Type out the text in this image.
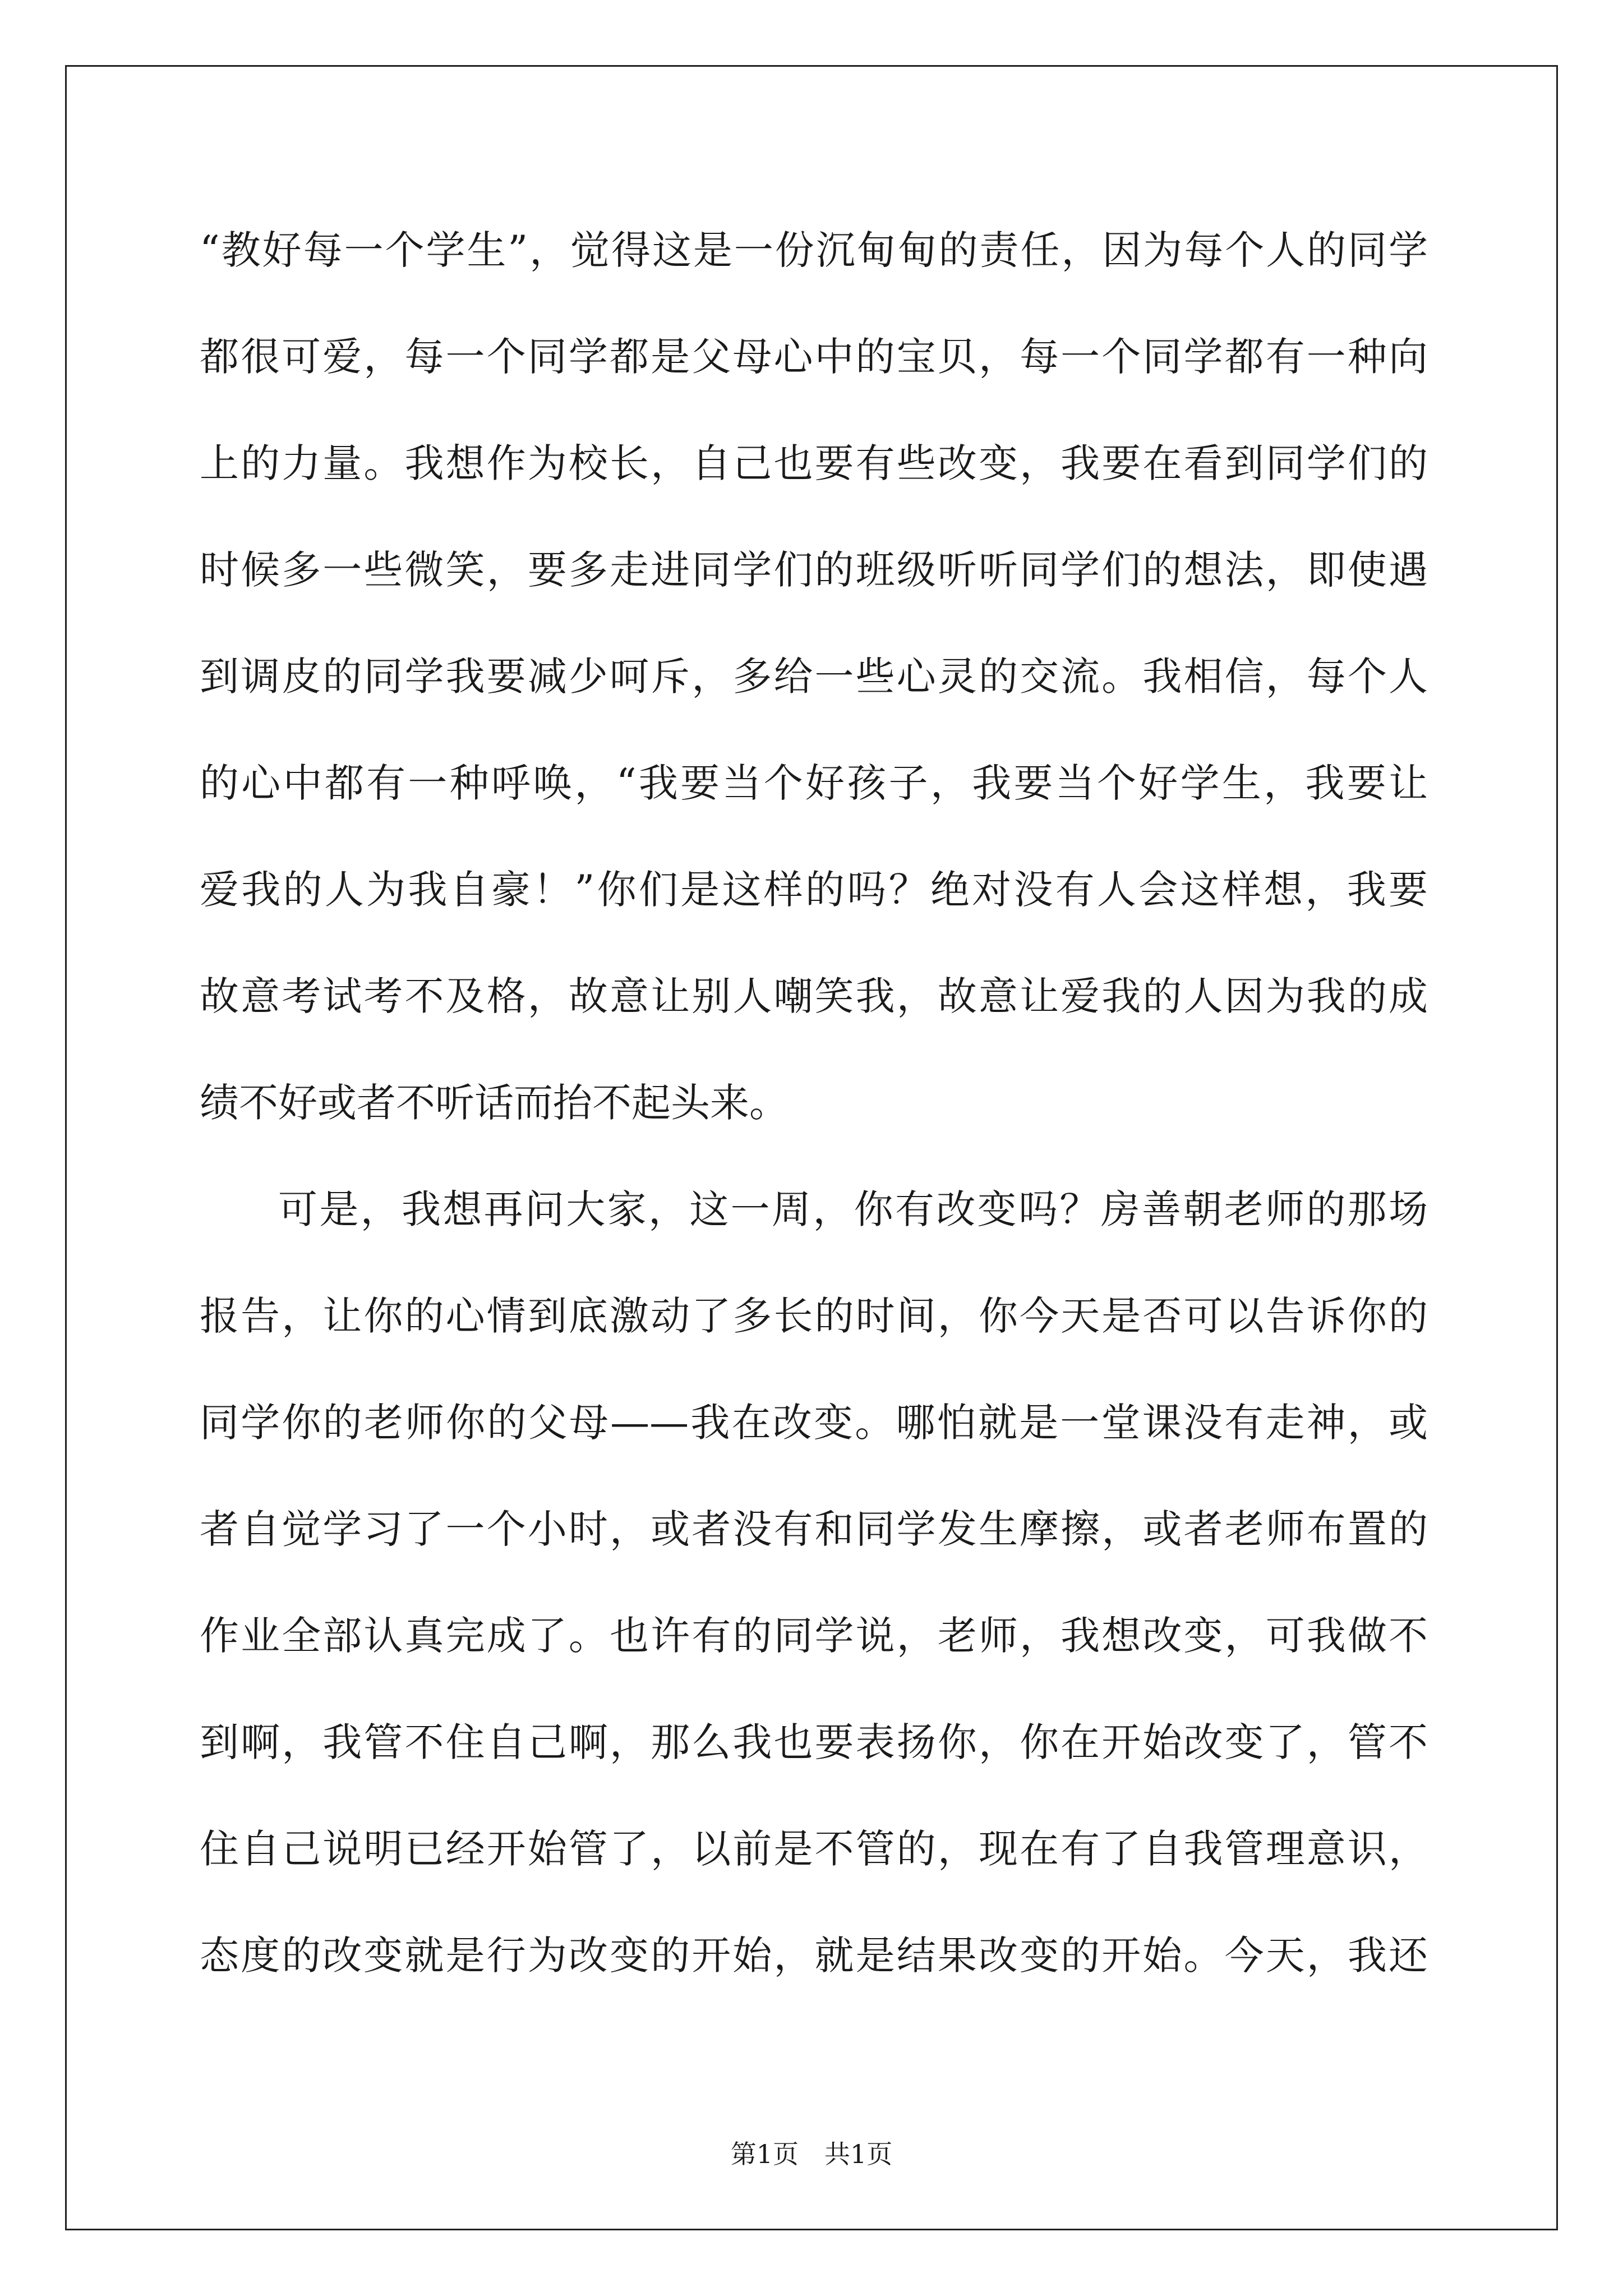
“教好每一个学生”，觉得这是一份沉甸甸的责任，因为每个人的同学
都很可爱，每一个同学都是父母心中的宝贝，每一个同学都有一种向
上的力量。我想作为校长，自己也要有些改变，我要在看到同学们的
时候多一些微笑，要多走进同学们的班级听听同学们的想法，即使遇
到调皮的同学我要减少呵斥，多给一些心灵的交流。我相信，每个人
的心中都有一种呼唤，“我要当个好孩子，我要当个好学生，我要让
爱我的人为我自豪！”你们是这样的吗？绝对没有人会这样想，我要
故意考试考不及格，故意让别人嘲笑我，故意让爱我的人因为我的成
绩不好或者不听话而抬不起头来。
可是，我想再问大家，这一周，你有改变吗？房善朝老师的那场
报告，让你的心情到底激动了多长的时间，你今天是否可以告诉你的
同学你的老师你的父母——我在改变。哪怕就是一堂课没有走神，或
者自觉学习了一个小时，或者没有和同学发生摩擦，或者老师布置的
作业全部认真完成了。也许有的同学说，老师，我想改变，可我做不
到啊，我管不住自己啊，那么我也要表扬你，你在开始改变了，管不
住自己说明已经开始管了，以前是不管的，现在有了自我管理意识，
态度的改变就是行为改变的开始，就是结果改变的开始。今天，我还
第1页 共1页
